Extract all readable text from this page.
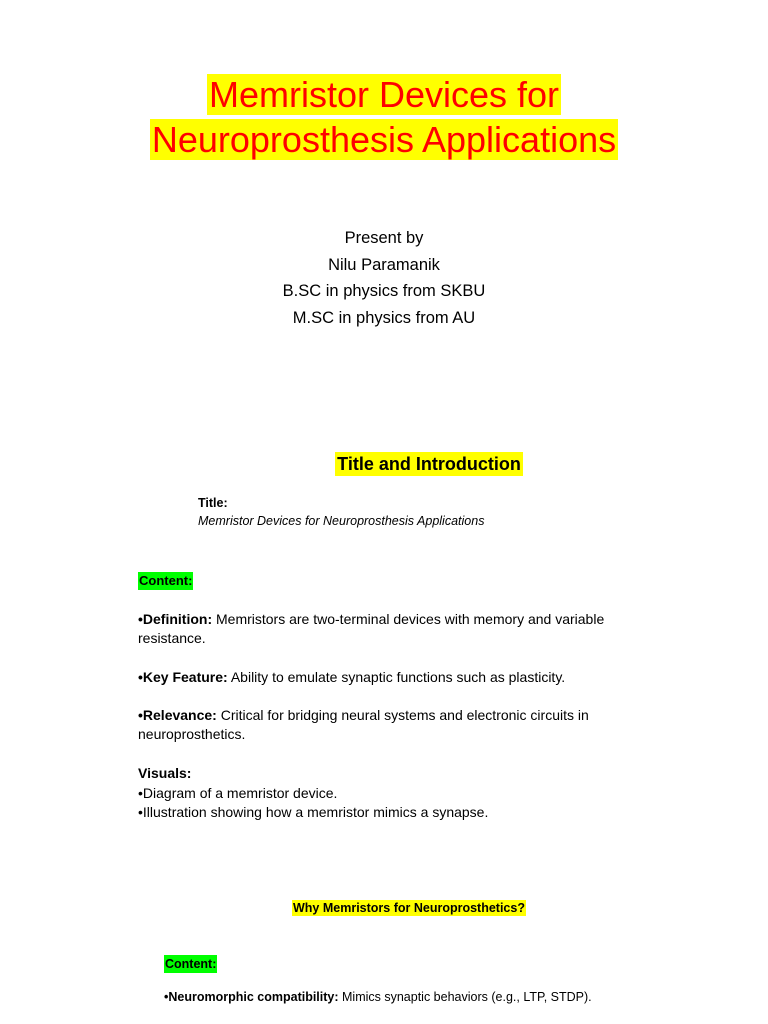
Memristor Devices for
Neuroprosthesis Applications
Present by
Nilu Paramanik
B.SC in physics from SKBU
M.SC in physics from AU
Title and Introduction
Title:
Memristor Devices for Neuroprosthesis Applications
Content:
•Definition: Memristors are two-terminal devices with memory and variable resistance.
•Key Feature: Ability to emulate synaptic functions such as plasticity.
•Relevance: Critical for bridging neural systems and electronic circuits in neuroprosthetics.
Visuals:
•Diagram of a memristor device.
•Illustration showing how a memristor mimics a synapse.
Why Memristors for Neuroprosthetics?
Content:
•Neuromorphic compatibility: Mimics synaptic behaviors (e.g., LTP, STDP).
